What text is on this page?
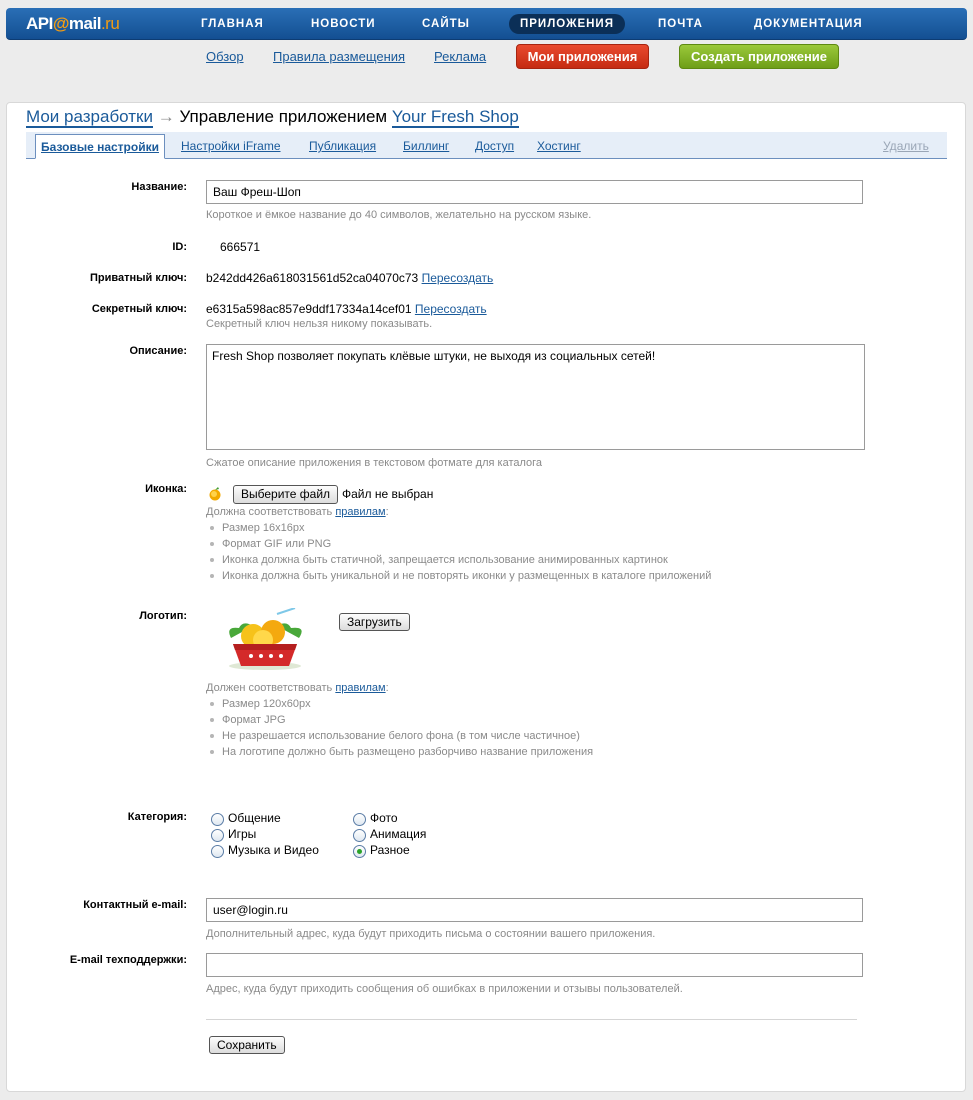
API@mail.ru	ГЛАВНАЯ	НОВОСТИ	САЙТЫ	ПРИЛОЖЕНИЯ	ПОЧТА	ДОКУМЕНТАЦИЯ
Обзор Правила размещения Реклама	Мои приложения	Создать приложение
Мои разработки → Управление приложением Your Fresh Shop
Базовые настройки	Настройки iFrame Публикация Биллинг Доступ Хостинг	Удалить
Название:
Ваш Фреш-Шоп
Короткое и ёмкое название до 40 символов, желательно на русском языке.
ID:	666571
Приватный ключ: b242dd426a618031561d52ca04070c73 Пересоздать
Секретный ключ: e6315a598ac857e9ddf17334a14cef01 Пересоздать
Секретный ключ нельзя никому показывать.
Описание:
Fresh Shop позволяет покупать клёвые штуки, не выходя из социальных сетей!
Сжатое описание приложения в текстовом фотмате для каталога
Иконка:	Выберите файл Файл не выбран
Должна соответствовать правилам:
Размер 16x16px
Формат GIF или PNG
Иконка должна быть статичной, запрещается использование анимированных картинок
Иконка должна быть уникальной и не повторять иконки у размещенных в каталоге приложений
Логотип:	Загрузить
Должен соответствовать правилам:
Размер 120x60px
Формат JPG
Не разрешается использование белого фона (в том числе частичное)
На логотипе должно быть размещено разборчиво название приложения
Категория:	Общение
Игры
Музыка и Видео
Фото
Анимация
Разное
Контактный e-mail:
user@login.ru
Дополнительный адрес, куда будут приходить письма о состоянии вашего приложения.
E-mail техподдержки:
Адрес, куда будут приходить сообщения об ошибках в приложении и отзывы пользователей.
Сохранить
